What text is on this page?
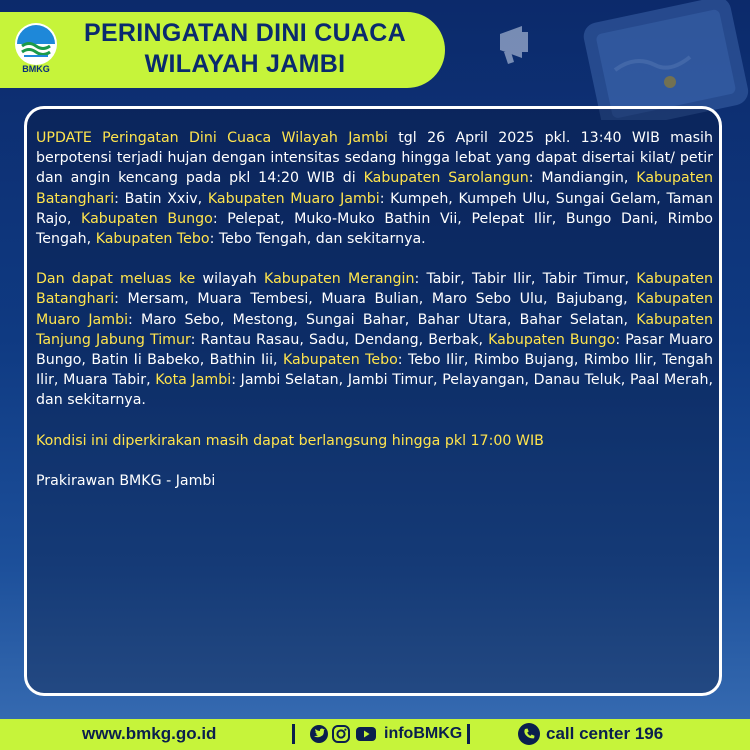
BMKG
PERINGATAN DINI CUACA
WILAYAH JAMBI

UPDATE Peringatan Dini Cuaca Wilayah Jambi tgl 26 April 2025 pkl. 13:40 WIB masih berpotensi terjadi hujan dengan intensitas sedang hingga lebat yang dapat disertai kilat/ petir dan angin kencang pada pkl 14:20 WIB di Kabupaten Sarolangun: Mandiangin, Kabupaten Batanghari: Batin Xxiv, Kabupaten Muaro Jambi: Kumpeh, Kumpeh Ulu, Sungai Gelam, Taman Rajo, Kabupaten Bungo: Pelepat, Muko-Muko Bathin Vii, Pelepat Ilir, Bungo Dani, Rimbo Tengah, Kabupaten Tebo: Tebo Tengah, dan sekitarnya.

Dan dapat meluas ke wilayah Kabupaten Merangin: Tabir, Tabir Ilir, Tabir Timur, Kabupaten Batanghari: Mersam, Muara Tembesi, Muara Bulian, Maro Sebo Ulu, Bajubang, Kabupaten Muaro Jambi: Maro Sebo, Mestong, Sungai Bahar, Bahar Utara, Bahar Selatan, Kabupaten Tanjung Jabung Timur: Rantau Rasau, Sadu, Dendang, Berbak, Kabupaten Bungo: Pasar Muaro Bungo, Batin Ii Babeko, Bathin Iii, Kabupaten Tebo: Tebo Ilir, Rimbo Bujang, Rimbo Ilir, Tengah Ilir, Muara Tabir, Kota Jambi: Jambi Selatan, Jambi Timur, Pelayangan, Danau Teluk, Paal Merah, dan sekitarnya.

Kondisi ini diperkirakan masih dapat berlangsung hingga pkl 17:00 WIB

Prakirawan BMKG - Jambi

www.bmkg.go.id	infoBMKG	call center 196
